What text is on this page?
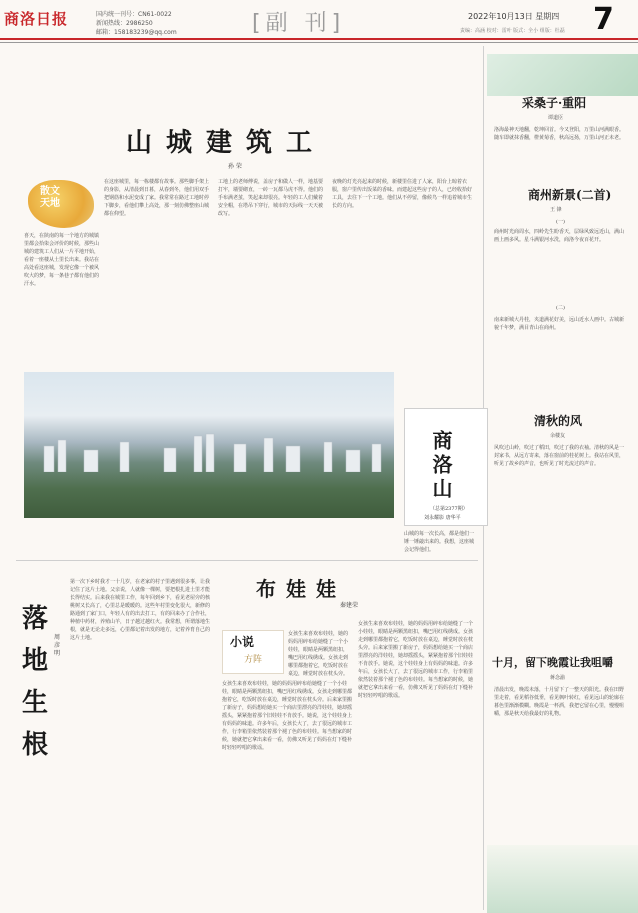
商洛日报	国内统一刊号：CN61-0022
新闻热线：2986250
邮箱：158183239@qq.com	[副 刊]	2022年10月13日 星期四
责编：高涵 校对：雷叶 版式：全小 组版：杜磊 7
山城建筑工
孙 荣
散文
天地
喜天，在陕南的每一个地方的城镇里都会拾柒会评价的时候，那些山城的建筑工人们从一片平地开始，看着一座楼从土里长出来。我站在高处看这座城，发现它像一个被风吹大的梦，每一条巷子都有他们的汗水。
在这座城里，每一栋楼都有故事。那些脚手架上的身影，从清晨到日暮，从春到冬，他们用双手把钢筋和水泥变成了家。我常常在路过工地时停下脚步，看他们攀上高处，那一刻仿佛整座山城都在仰望。
工地上的老师傅说，盖房子和做人一样，地基要打牢，墙要砌直，一砖一瓦都马虎不得。他们的手布满老茧，笑起来却很亮。年轻的工人们戴着安全帽，在塔吊下穿行，城市的天际线一天天被改写。
夜晚的灯光亮起来的时候，新楼里住进了人家，阳台上晾着衣服，窗户里传出饭菜的香味。而建起这些房子的人，已经收拾好工具，去往下一个工地。他们从不停留，像候鸟一样追着城市生长的方向。
山城的每一次长高，都是他们一锤一锤敲出来的。我想，这座城会记得他们。
商洛山
（总第2377期）
刘永耀影 唐华平
落地生根
周彦明
第一次下乡时我才一十几岁，在老家的村子里遇到很多事，让我记住了这片土地。父亲说，人就像一棵树，要把根扎进土里才能长得结实。后来我在城里工作，每年回到乡下，看见老屋旁的核桃树又长高了，心里总是暖暖的。这些年村里变化很大，新修的路通到了家门口，年轻人有的出去打工，有的回来办了合作社，种植中药材，养殖山羊，日子越过越红火。我常想，所谓落地生根，就是无论走多远，心里都记着出发的地方，记着养育自己的这片土地。
布娃娃
秦建荣
小说
方阵
女孩生来喜欢布娃娃，她的妈妈用碎布给她缝了一个小娃娃，眼睛是两颗黑纽扣，嘴巴用红线绣成。女孩走到哪里都抱着它，吃饭时放在桌边，睡觉时放在枕头旁。后来家里搬了新房子，妈妈想给她买一个商店里漂亮的洋娃娃，她却摇摇头，紧紧抱着那个旧娃娃不肯放手。她说，这个娃娃身上有妈妈的味道。许多年后，女孩长大了，去了很远的城市工作，行李箱里依然装着那个褪了色的布娃娃。每当想家的时候，她就把它拿出来看一看，仿佛又听见了妈妈在灯下缝补时轻轻哼唱的歌谣。
女孩生来喜欢布娃娃，她的妈妈用碎布给她缝了一个小娃娃，眼睛是两颗黑纽扣，嘴巴用红线绣成。女孩走到哪里都抱着它，吃饭时放在桌边，睡觉时放在枕头旁。
女孩生来喜欢布娃娃，她的妈妈用碎布给她缝了一个小娃娃，眼睛是两颗黑纽扣，嘴巴用红线绣成。女孩走到哪里都抱着它，吃饭时放在桌边，睡觉时放在枕头旁。后来家里搬了新房子，妈妈想给她买一个商店里漂亮的洋娃娃，她却摇摇头，紧紧抱着那个旧娃娃不肯放手。她说，这个娃娃身上有妈妈的味道。许多年后，女孩长大了，去了很远的城市工作，行李箱里依然装着那个褪了色的布娃娃。每当想家的时候，她就把它拿出来看一看，仿佛又听见了妈妈在灯下缝补时轻轻哼唱的歌谣。
采桑子·重阳
谭道臣
洛海最神天地翻，乾坤回首。今又登阳，万里山河满眼香。 随车即就抹香翻，橙黄菊香，秋高远扬，万里山河正未老。
商州新景(二首)
王 锋
(一)
商州时光商周水，四岭先生盼香天，层绿风致远近山，满山画上画多风。星斗满银河水洗，商洛今夜百花开。
(二)
南来新城大丹桂，夹道满花好美，远山近水人画中。古城新貌千年梦，满目青山在商州。
清秋的风
余楼友
风吹过山岭，吹过了稻田，吹过了我的衣袖。清秋的风是一封家书，从远方寄来，落在窗前的桂花树上。我站在风里，听见了故乡的声音，也听见了时光流过的声音。
十月，留下晚霞让我咀嚼
蒋念渝
清晨出发，晚霞未落，十月留下了一整天的阳光。我在田野里走着，看见稻谷低垂，看见枫叶转红，看见远山的轮廓在暮色里渐渐模糊。晚霞是一杯酒，我把它留在心里，慢慢咀嚼，那是秋天给我最好的礼物。
